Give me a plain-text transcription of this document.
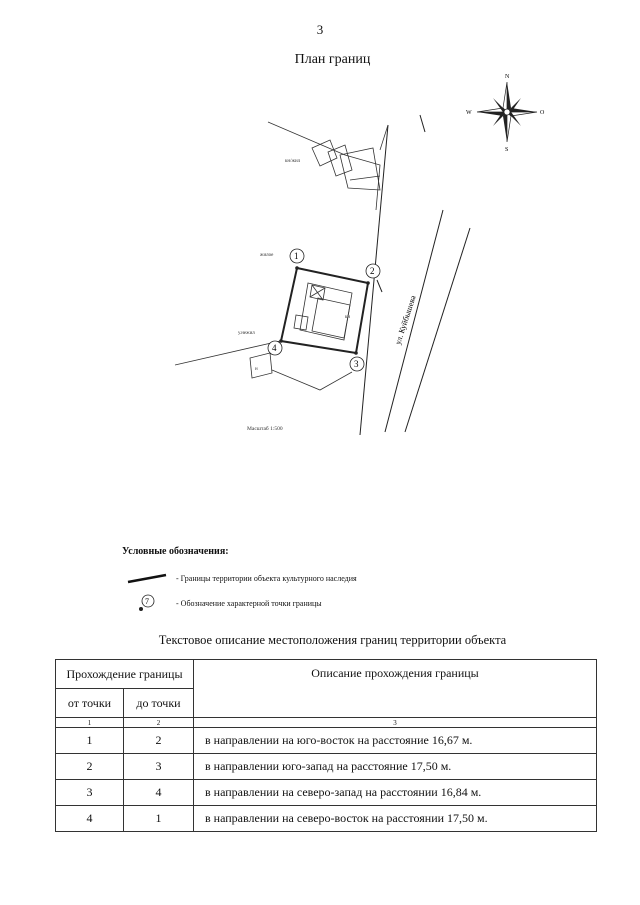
3
План границ
N
S
W	O
ул. Куйбышева
кн/жил
жилое
у.нежил
кн
н
1
2
3
4
Масштаб 1:500
7
Условные обозначения:
- Границы территории объекта культурного наследия
- Обозначение характерной точки границы
Текстовое описание местоположения границ территории объекта
Прохождение границы		Описание прохождения границы
от точки	до точки	
1	2	3
1	2	в направлении на юго-восток на расстояние 16,67 м.
2	3	в направлении юго-запад на расстояние 17,50 м.
3	4	в направлении на северо-запад на расстоянии 16,84 м.
4	1	в направлении на северо-восток на расстоянии 17,50 м.
